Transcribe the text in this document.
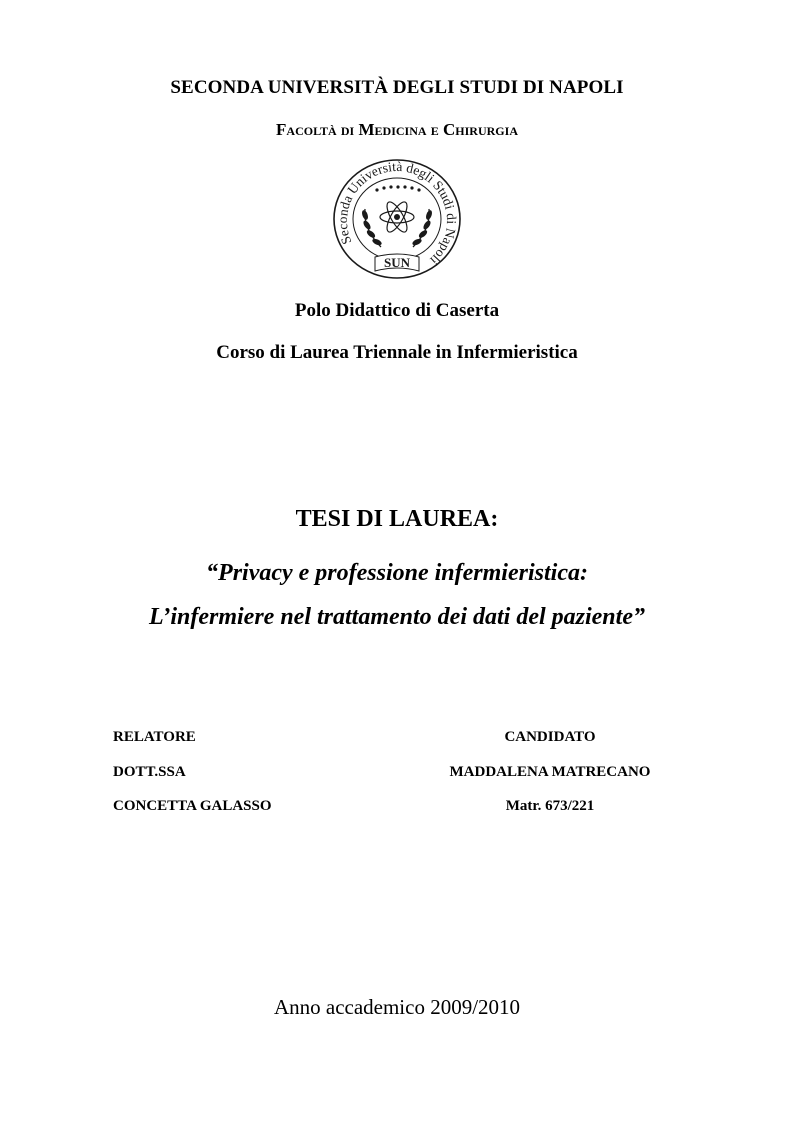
SECONDA UNIVERSITÀ DEGLI STUDI DI NAPOLI
Facoltà di Medicina e Chirurgia
Seconda Università degli Studi di Napoli
SUN
Polo Didattico di Caserta
Corso di Laurea Triennale in Infermieristica
TESI DI LAUREA:
“Privacy e professione infermieristica:
L’infermiere nel trattamento dei dati del paziente”
RELATORE
DOTT.SSA
CONCETTA GALASSO
CANDIDATO
MADDALENA MATRECANO
Matr. 673/221
Anno accademico 2009/2010
